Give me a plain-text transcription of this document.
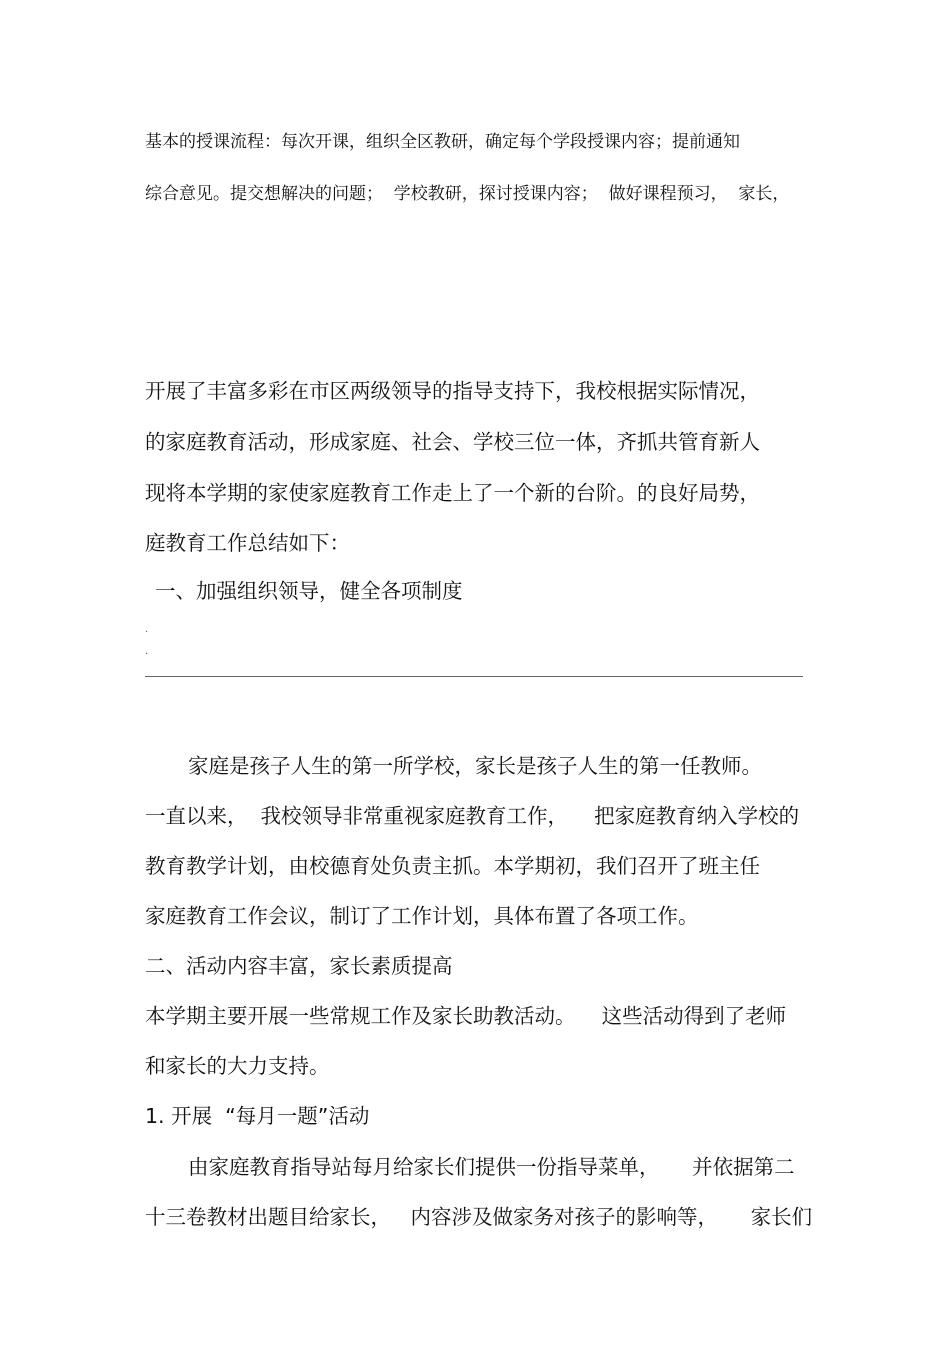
基本的授课流程：每次开课，组织全区教研，确定每个学段授课内容；提前通知
综合意见。提交想解决的问题；  学校教研，探讨授课内容；  做好课程预习，  家长，
开展了丰富多彩在市区两级领导的指导支持下，我校根据实际情况，
的家庭教育活动，形成家庭、社会、学校三位一体，齐抓共管育新人
现将本学期的家使家庭教育工作走上了一个新的台阶。的良好局势，
庭教育工作总结如下：
一、加强组织领导，健全各项制度
.
.
家庭是孩子人生的第一所学校，家长是孩子人生的第一任教师。
一直以来，  我校领导非常重视家庭教育工作，    把家庭教育纳入学校的
教育教学计划，由校德育处负责主抓。本学期初，我们召开了班主任
家庭教育工作会议，制订了工作计划，具体布置了各项工作。
二、活动内容丰富，家长素质提高
本学期主要开展一些常规工作及家长助教活动。    这些活动得到了老师
和家长的大力支持。
1. 开展  “每月一题”活动
由家庭教育指导站每月给家长们提供一份指导菜单，     并依据第二
十三卷教材出题目给家长，   内容涉及做家务对孩子的影响等，     家长们
